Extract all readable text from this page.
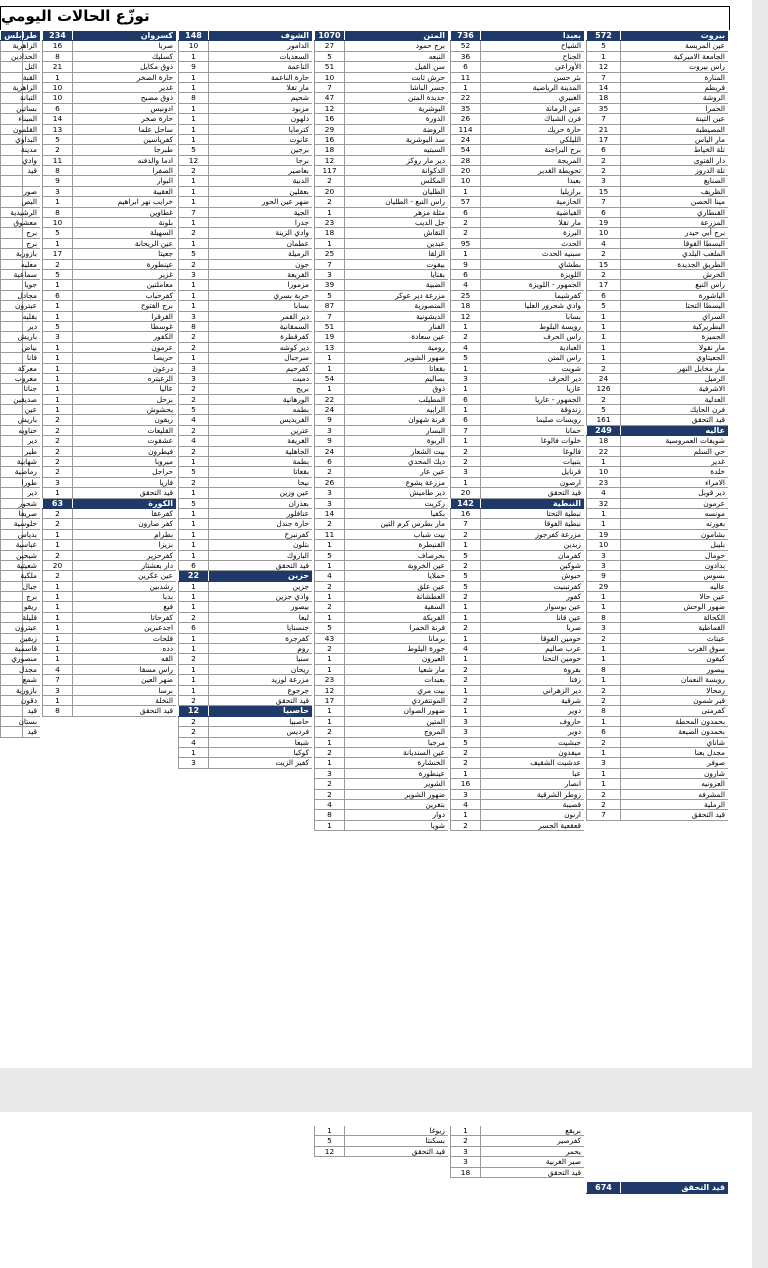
توزّع الحالات اليومي
بيروت
572
عين المريسة
5
الجامعة الاميركية
1
راس بيروت
12
المنارة
7
قريطم
14
الروشة
18
الحمرا
35
عين التينة
7
المصيطبة
21
مار الياس
17
تلة الخياط
6
دار الفتوى
2
تلة الدروز
2
الصنايع
3
الظريف
15
مينا الحصن
7
القنطاري
6
المزرعة
19
برج أبي حيدر
10
البسطا الفوقا
4
الملعب البلدي
2
الطريق الجديدة
15
الحرش
2
راس النبع
17
الباشورة
6
البسطا التحتا
5
السراي
1
البطريركية
1
الجميزة
1
مار نقولا
1
الجعيتاوي
1
مار مخايل النهر
2
الرميل
24
الاشرفية
126
العدلية
2
فرن الحايك
5
قيد التحقق
161
عاليه
249
شويفات العمروسية
18
حي السلم
22
غدير
1
خلدة
10
الامراء
23
دير قوبل
4
عرمون
32
مونسه
1
بعورته
1
بشامون
19
بليبل
10
حومال
3
بدادون
3
بسوس
9
عاليه
29
عين حالا
1
ضهور الوحش
1
الكحالة
8
القماطية
3
عيتات
2
سوق الغرب
1
كيفون
1
بيصور
8
رويسة النعمان
1
رمحالا
2
قبر شمون
2
كفرمتى
8
بحمدون المحطة
1
بحمدون الضيعة
6
شاناي
2
مجدل بعنا
1
صوفر
3
شارون
1
العزونيه
1
المشرفه
2
الرملية
2
قيد التحقق
7
بعبدا
736
الشياح
52
الجناح
36
الأوزاعي
6
بئر حسن
11
المدينة الرياضية
1
الغبيري
22
عين الرمانة
35
فرن الشباك
26
حارة حريك
114
الليلكي
24
برج البراجنة
54
المريجة
28
تحويطة الغدير
20
بعبدا
10
برازيليا
1
الحازمية
57
الفياضية
6
مار تقلا
2
البرزة
2
الحدث
95
سبنيه الحدث
1
بطشاي
9
اللويزة
6
الجمهور - اللويزة
4
كفرشيما
25
وادي شحرور العليا
18
بسابا
12
رويسة البلوط
1
راس الحرف
2
العبادية
4
راس المتن
5
شويت
1
دير الحرف
3
عاريا
1
الجمهور - عاريا
6
زندوقة
1
رويسات صليما
6
حمانا
7
خلوات فالوغا
1
فالوغا
2
بتبيات
2
قرنايل
3
ارصون
1
قيد التحقق
20
النبطية
142
نبطية التحتا
16
نبطية الفوقا
7
مزرعة كفرجوز
2
زبدين
1
كفرمان
5
شوكين
2
حبوش
5
كفرتبنيت
5
كفور
2
عين بوسوار
1
عين قانا
1
صربا
2
حومين الفوقا
1
عرب صاليم
4
حومين التحتا
1
بفروة
2
زفتا
2
دير الزهراني
1
شرقية
2
دوير
1
حاروف
3
دوير
3
جبشيت
5
ميفدون
2
عدشيت الشقيف
2
عبا
1
انصار
16
زوطر الشرقية
3
قصيبة
4
ارنون
1
قعقعية الجسر
2
المتن
1070
برج حمود
27
النبعه
5
سن الفيل
51
حرش ثابت
10
جسر الباشا
7
جديدة المتن
47
البوشرية
12
الدورة
16
الروضة
29
سد البوشرية
16
السبتيه
18
دير مار روكز
12
الدكوانة
117
المكلس
2
الطليان
20
راس النبع - الطليان
2
مثلة مزهر
1
جل الديب
23
النقاش
18
عبدين
1
الزلقا
25
بيقوت
7
بقنايا
3
الضبية
39
مزرعة دير عوكر
5
المنصورية
87
الديشونية
7
الفنار
51
عين سعادة
19
رومية
13
ضهور الشوير
1
بقعاتا
1
بصاليم
54
ذوق
1
المطيلب
22
الرابيه
24
قرنة شهوان
9
البسار
3
الربوة
9
بيت الشعار
24
ديك المحدي
6
عين عار
2
مزرعة يشوع
26
دير طاميش
3
زكريت
3
بكفيا
14
مار بطرس كرم التين
2
بيت شباب
11
القنيطرة
1
بحرصاف
5
عين الخروبة
1
حملايا
4
عين علق
2
العطشانة
1
السقية
2
الفريكة
1
قرنة الحمرا
5
برمانا
43
جورة البلوط
2
العيرون
1
مار شعيا
1
بعبدات
23
بيت مري
12
المونتفردي
17
ضهور الصوان
1
المتين
1
المروج
2
مرجبا
1
عين السنديانة
2
الخنشارة
1
عينطورة
3
الشوير
2
ضهور الشوير
2
بتغرين
4
دوار
8
شويا
1
الشوف
148
الدامور
10
السعديات
1
الناعمة
9
حارة الناعمة
1
مار تقلا
1
شحيم
8
مزبود
1
دلهون
1
كترمايا
1
عانوت
1
برجين
5
برجا
12
بعاصير
2
الدبية
1
بعقلين
1
ضهر عين الحور
1
الجية
7
جدرا
1
وادي الزينة
2
عطمان
1
الرميلة
5
جون
2
الفريعة
3
مزمورا
1
حربة بسري
1
بسابا
1
دير القمر
3
السمقانية
8
كفرقطرة
2
دير كوشه
2
سرجبال
1
كفرحيم
3
دميت
3
بريح
2
الورهانية
2
بطمه
5
الفريديس
4
عترين
2
الغريفة
4
الجاهلية
2
بطمة
1
بقعاتا
5
نيحا
2
عين وزين
1
بعذران
5
عنافلور
1
حارة جندل
1
كفرنبرخ
1
بتلون
1
الباروك
1
قيد التحقق
6
جزين
22
جزين
1
وادي جزين
1
بيصور
1
لبعا
2
جنسنايا
6
كفرجرة
1
روم
1
سنيا
2
ريحان
1
مزرعة لوزيد
1
جرجوع
1
قيد التحقق
2
حاصبيا
12
حاصبيا
2
فرديس
2
شبعا
4
كوكبا
1
كفير الزيت
3
كسروان
234
صربا
16
كسليك
8
ذوق مكايل
21
حارة الصخر
1
غدير
10
ذوق مصبح
10
ادونيس
6
حارة صخر
14
ساحل علما
13
كفرياسين
5
طبرجا
2
ادما والدفنه
11
الصفرا
8
البوار
9
العقيبة
3
خرايب نهر ابراهيم
1
غطاوين
8
بلونة
10
السهيلة
5
عين الريحانة
1
جعيتا
17
عينطورة
2
غزير
5
معاملتين
1
كفرحباب
6
برج الفتوح
1
القرقرا
1
غوسطا
5
الكفور
3
عرمون
1
حريصا
1
درعون
1
الزعيتره
1
عاليا
1
بزحل
1
يحشوش
1
ريفون
2
القليعات
2
عشقوت
2
فيطرون
2
ميروبا
2
حراجل
2
فاريا
3
قيد التحقق
1
الكورة
63
كفرعقا
2
كفر صارون
2
بطرام
1
بزيزا
1
كفرحزير
2
دار بعشتار
20
عين عكرين
2
رشدبين
1
بدبا
1
فيع
1
كفرحاتا
1
اجدعبرين
1
قلحات
1
دده
1
القه
1
راس مسقا
4
ضهر العين
7
برسا
3
النخلة
1
قيد التحقق
8
طرابلس
الزاهرية
الحدادين
التل
القبة
الزاهرية
التبانة
بساتين
الميناء
القلمون
البداوي
مدينة
وادي
قيد
صور
البص
الرشيدية
معشوق
برج
برج
بازورية
معليه
سماعية
جويا
مجادل
عيترون
بقليه
دير
باريش
بياض
قانا
معركة
معروب
جناتا
صديقين
عين
باريش
حناويه
دير
طير
شهابية
رماضية
طورا
دير
شحور
صريفا
حلوسية
بدياس
عباسية
شيحين
شعيتية
ملكية
جبال
برج
ريقو
قليلة
عيترون
زبقين
قاسمية
منصوري
مجدل
شمع
بازورية
دقون
قيد
بستان
قيد
قيد التحقق
674
بريقع
1
كفرصير
2
يحمر
3
صير الغربية
3
قيد التحقق
18
زيوغا
1
بسكنتا
5
قيد التحقق
12
